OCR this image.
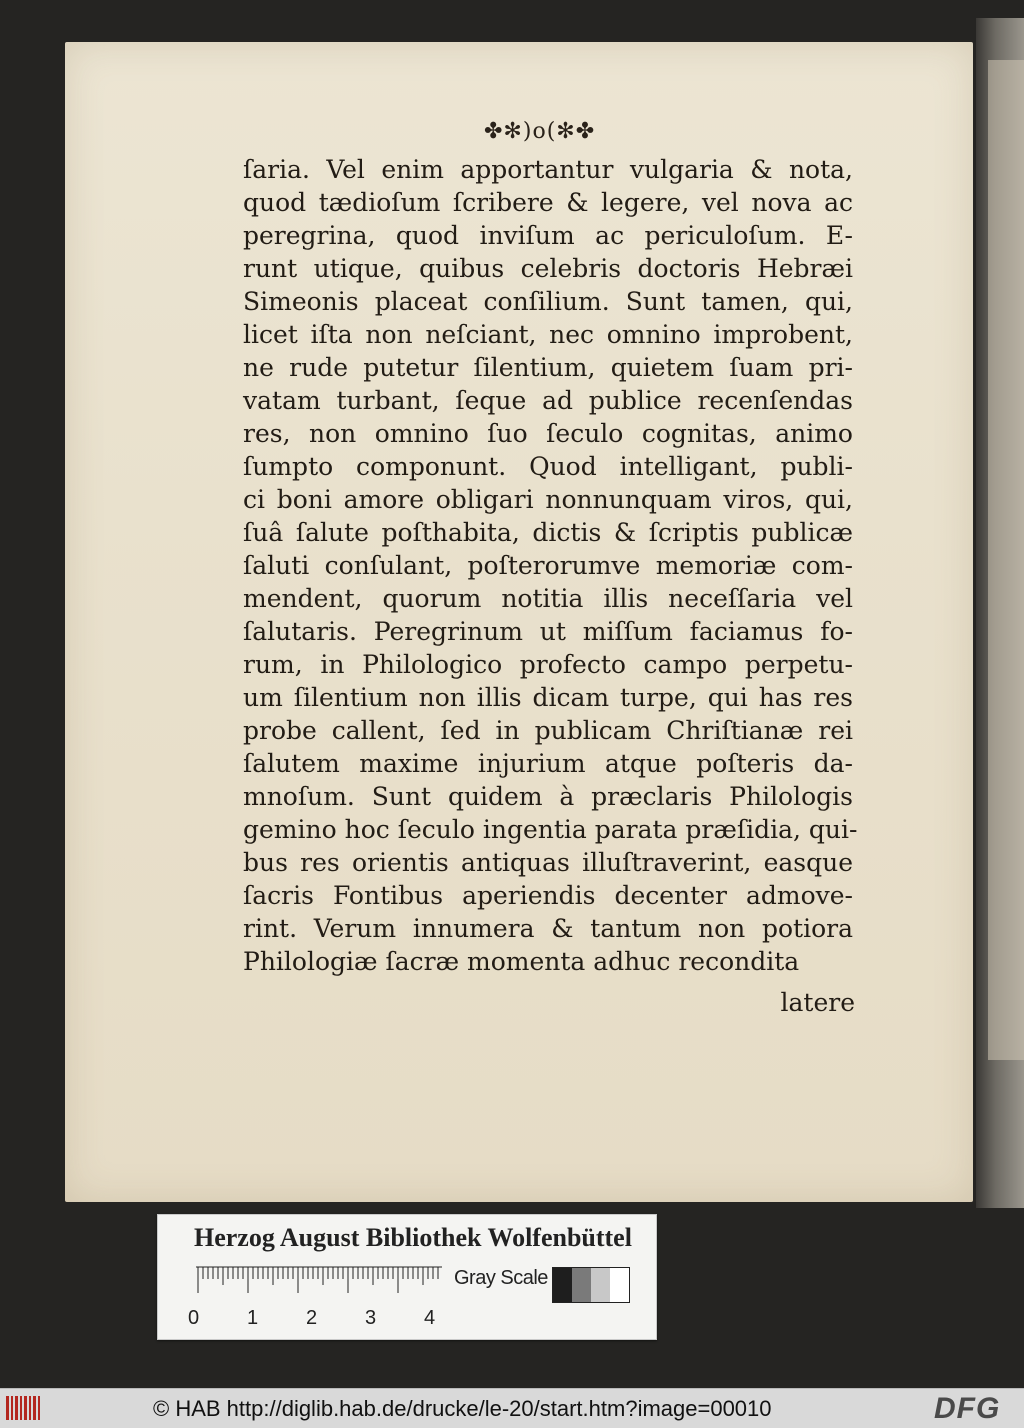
✤✻)o(✻✤
ſaria. Vel enim apportantur vulgaria & nota,
quod tædioſum ſcribere & legere, vel nova ac
peregrina, quod inviſum ac periculoſum. E-
runt utique, quibus celebris doctoris Hebræi
Simeonis placeat conſilium. Sunt tamen, qui,
licet iſta non neſciant, nec omnino improbent,
ne rude putetur ſilentium, quietem ſuam pri-
vatam turbant, ſeque ad publice recenſendas
res, non omnino ſuo ſeculo cognitas, animo
ſumpto componunt. Quod intelligant, publi-
ci boni amore obligari nonnunquam viros, qui,
ſuâ ſalute poſthabita, dictis & ſcriptis publicæ
ſaluti conſulant, poſterorumve memoriæ com-
mendent, quorum notitia illis neceſſaria vel
ſalutaris. Peregrinum ut miſſum faciamus fo-
rum, in Philologico profecto campo perpetu-
um ſilentium non illis dicam turpe, qui has res
probe callent, ſed in publicam Chriſtianæ rei
ſalutem maxime injurium atque poſteris da-
mnoſum. Sunt quidem à præclaris Philologis
gemino hoc ſeculo ingentia parata præſidia, qui-
bus res orientis antiquas illuſtraverint, easque
ſacris Fontibus aperiendis decenter admove-
rint. Verum innumera & tantum non potiora
Philologiæ ſacræ momenta adhuc recondita
latere
Herzog August Bibliothek Wolfenbüttel
0 1 2 3 4
Gray Scale
© HAB http://diglib.hab.de/drucke/le-20/start.htm?image=00010	DFG
